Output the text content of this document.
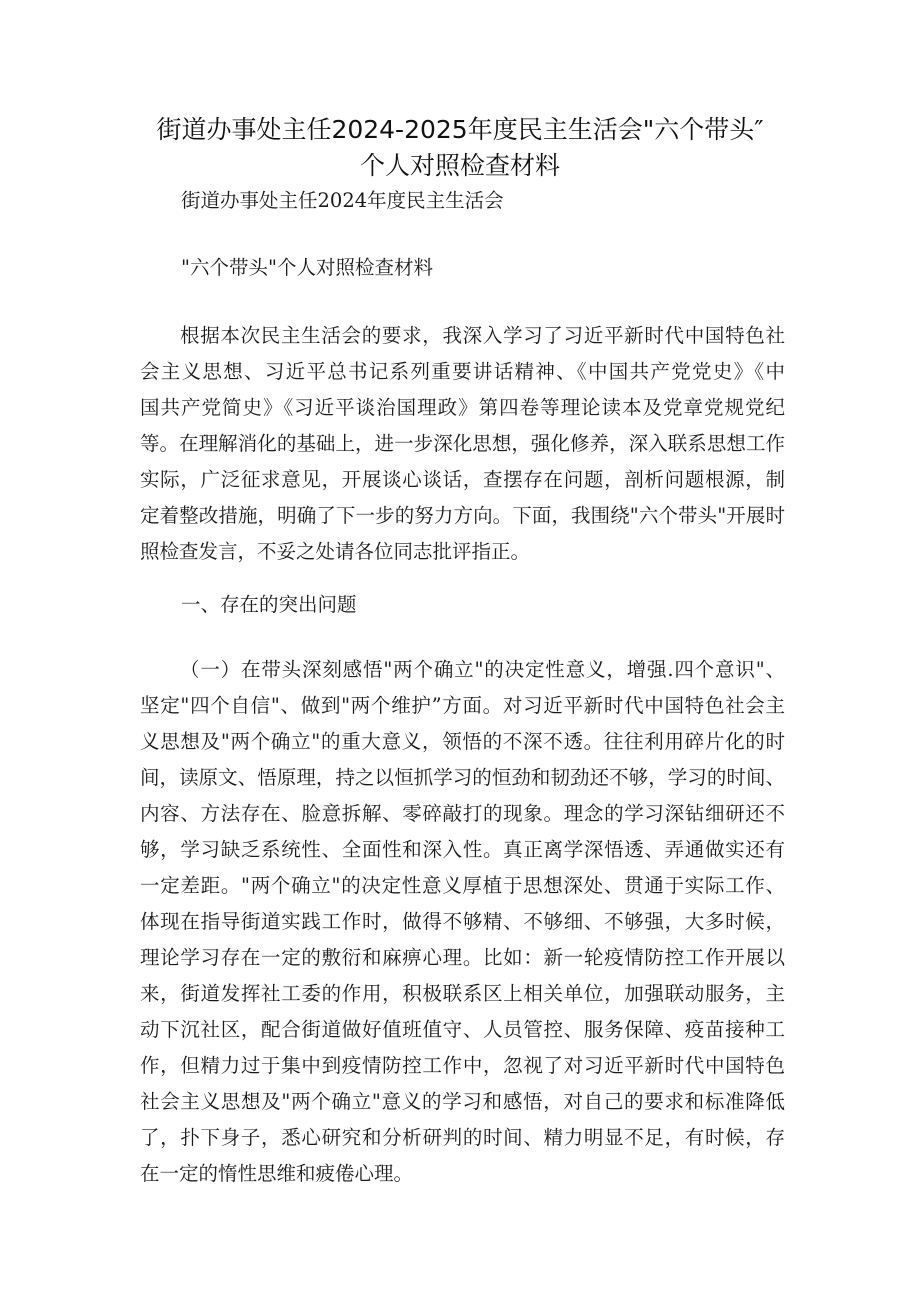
街道办事处主任2024-2025年度民主生活会"六个带头″
个人对照检查材料
街道办事处主任2024年度民主生活会
"六个带头"个人对照检查材料
根据本次民主生活会的要求，我深入学习了习近平新时代中国特色社
会主义思想、习近平总书记系列重要讲话精神、《中国共产党党史》《中
国共产党简史》《习近平谈治国理政》第四卷等理论读本及党章党规党纪
等。在理解消化的基础上，进一步深化思想，强化修养，深入联系思想工作
实际，广泛征求意见，开展谈心谈话，查摆存在问题，剖析问题根源，制
定着整改措施，明确了下一步的努力方向。下面，我围绕"六个带头"开展时
照检查发言，不妥之处请各位同志批评指正。
一、存在的突出问题
（一）在带头深刻感悟"两个确立"的决定性意义，增强.四个意识"、
坚定"四个自信"、做到"两个维护”方面。对习近平新时代中国特色社会主
义思想及"两个确立"的重大意义，领悟的不深不透。往往利用碎片化的时
间，读原文、悟原理，持之以恒抓学习的恒劲和韧劲还不够，学习的时间、
内容、方法存在、脸意拆解、零碎敲打的现象。理念的学习深钻细研还不
够，学习缺乏系统性、全面性和深入性。真正离学深悟透、弄通做实还有
一定差距。"两个确立"的决定性意义厚植于思想深处、贯通于实际工作、
体现在指导街道实践工作时，做得不够精、不够细、不够强，大多时候，
理论学习存在一定的敷衍和麻痹心理。比如：新一轮疫情防控工作开展以
来，街道发挥社工委的作用，积极联系区上相关单位，加强联动服务，主
动下沉社区，配合街道做好值班值守、人员管控、服务保障、疫苗接种工
作，但精力过于集中到疫情防控工作中，忽视了对习近平新时代中国特色
社会主义思想及"两个确立"意义的学习和感悟，对自己的要求和标准降低
了，扑下身子，悉心研究和分析研判的时间、精力明显不足，有时候，存
在一定的惰性思维和疲倦心理。
